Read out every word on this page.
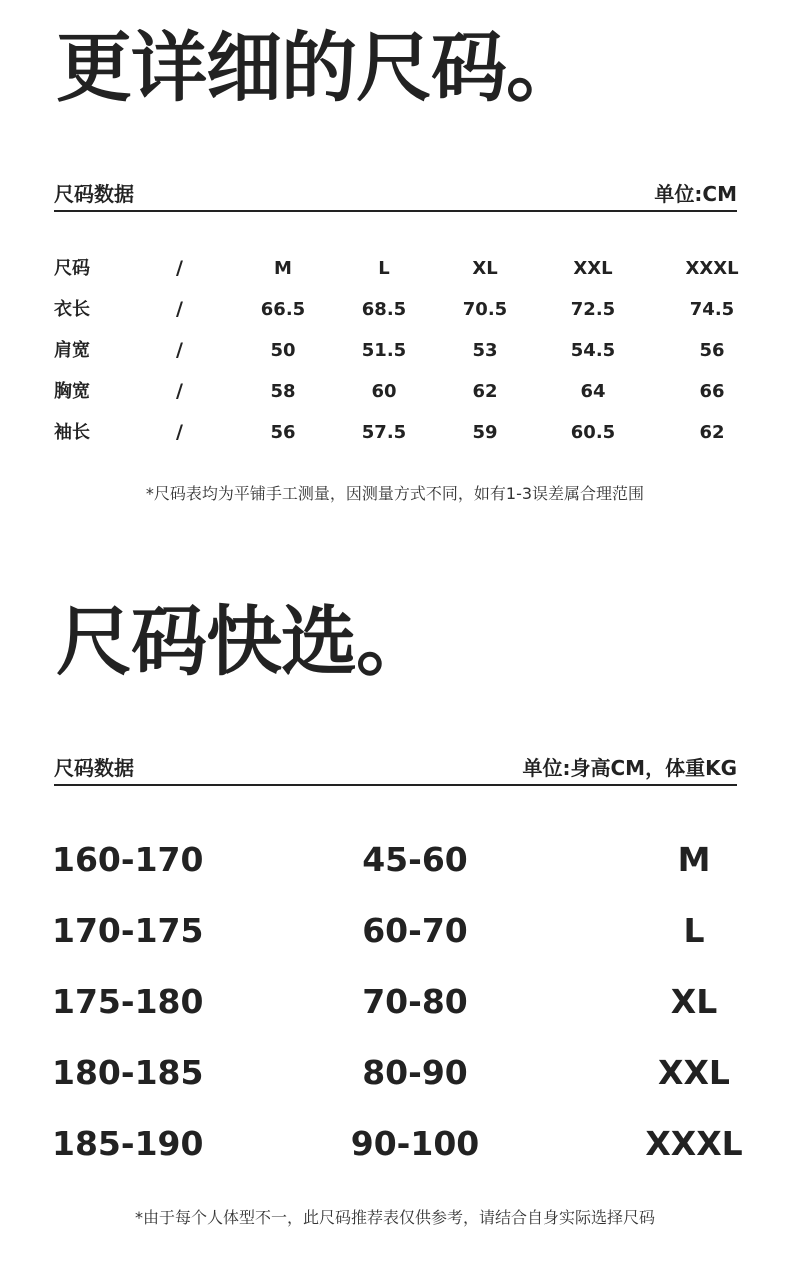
更详细的尺码。
尺码数据	单位:CM
尺码	/	M	L	XL	XXL	XXXL
衣长	/	66.5	68.5	70.5	72.5	74.5
肩宽	/	50	51.5	53	54.5	56
胸宽	/	58	60	62	64	66
袖长	/	56	57.5	59	60.5	62
*尺码表均为平铺手工测量，因测量方式不同，如有1-3误差属合理范围
尺码快选。
尺码数据	单位:身高CM，体重KG
160-170	45-60	M
170-175	60-70	L
175-180	70-80	XL
180-185	80-90	XXL
185-190	90-100	XXXL
*由于每个人体型不一，此尺码推荐表仅供参考，请结合自身实际选择尺码
